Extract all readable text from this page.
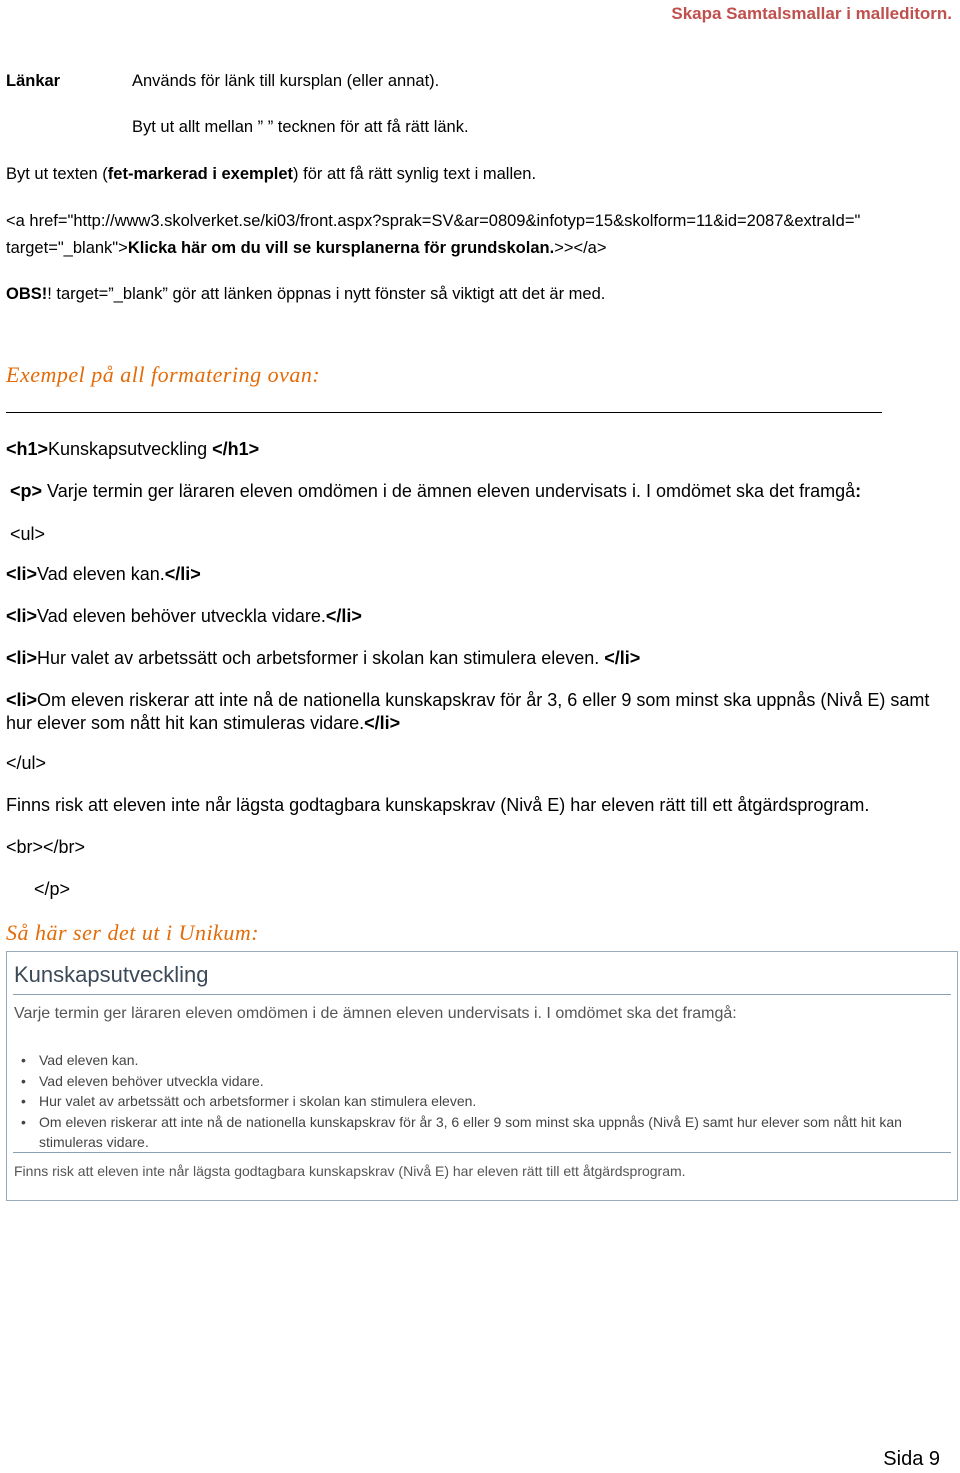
Skapa Samtalsmallar i malleditorn.
Länkar	Används för länk till kursplan (eller annat).
Byt ut allt mellan ” ” tecknen för att få rätt länk.
Byt ut texten (fet-markerad i exemplet) för att få rätt synlig text i mallen.
<a href="http://www3.skolverket.se/ki03/front.aspx?sprak=SV&ar=0809&infotyp=15&skolform=11&id=2087&extraId="
target="_blank">Klicka här om du vill se kursplanerna för grundskolan.>></a>
OBS!! target=”_blank” gör att länken öppnas i nytt fönster så viktigt att det är med.
Exempel på all formatering ovan:
<h1>Kunskapsutveckling </h1>
<p> Varje termin ger läraren eleven omdömen i de ämnen eleven undervisats i. I omdömet ska det framgå:
<ul>
<li>Vad eleven kan.</li>
<li>Vad eleven behöver utveckla vidare.</li>
<li>Hur valet av arbetssätt och arbetsformer i skolan kan stimulera eleven. </li>
<li>Om eleven riskerar att inte nå de nationella kunskapskrav för år 3, 6 eller 9 som minst ska uppnås (Nivå E) samt hur elever som nått hit kan stimuleras vidare.</li>
</ul>
Finns risk att eleven inte når lägsta godtagbara kunskapskrav (Nivå E) har eleven rätt till ett åtgärdsprogram.
<br></br>
</p>
Så här ser det ut i Unikum:
Kunskapsutveckling
Varje termin ger läraren eleven omdömen i de ämnen eleven undervisats i. I omdömet ska det framgå:
• Vad eleven kan.
• Vad eleven behöver utveckla vidare.
• Hur valet av arbetssätt och arbetsformer i skolan kan stimulera eleven.
• Om eleven riskerar att inte nå de nationella kunskapskrav för år 3, 6 eller 9 som minst ska uppnås (Nivå E) samt hur elever som nått hit kan stimuleras vidare.
Finns risk att eleven inte når lägsta godtagbara kunskapskrav (Nivå E) har eleven rätt till ett åtgärdsprogram.
Sida 9
